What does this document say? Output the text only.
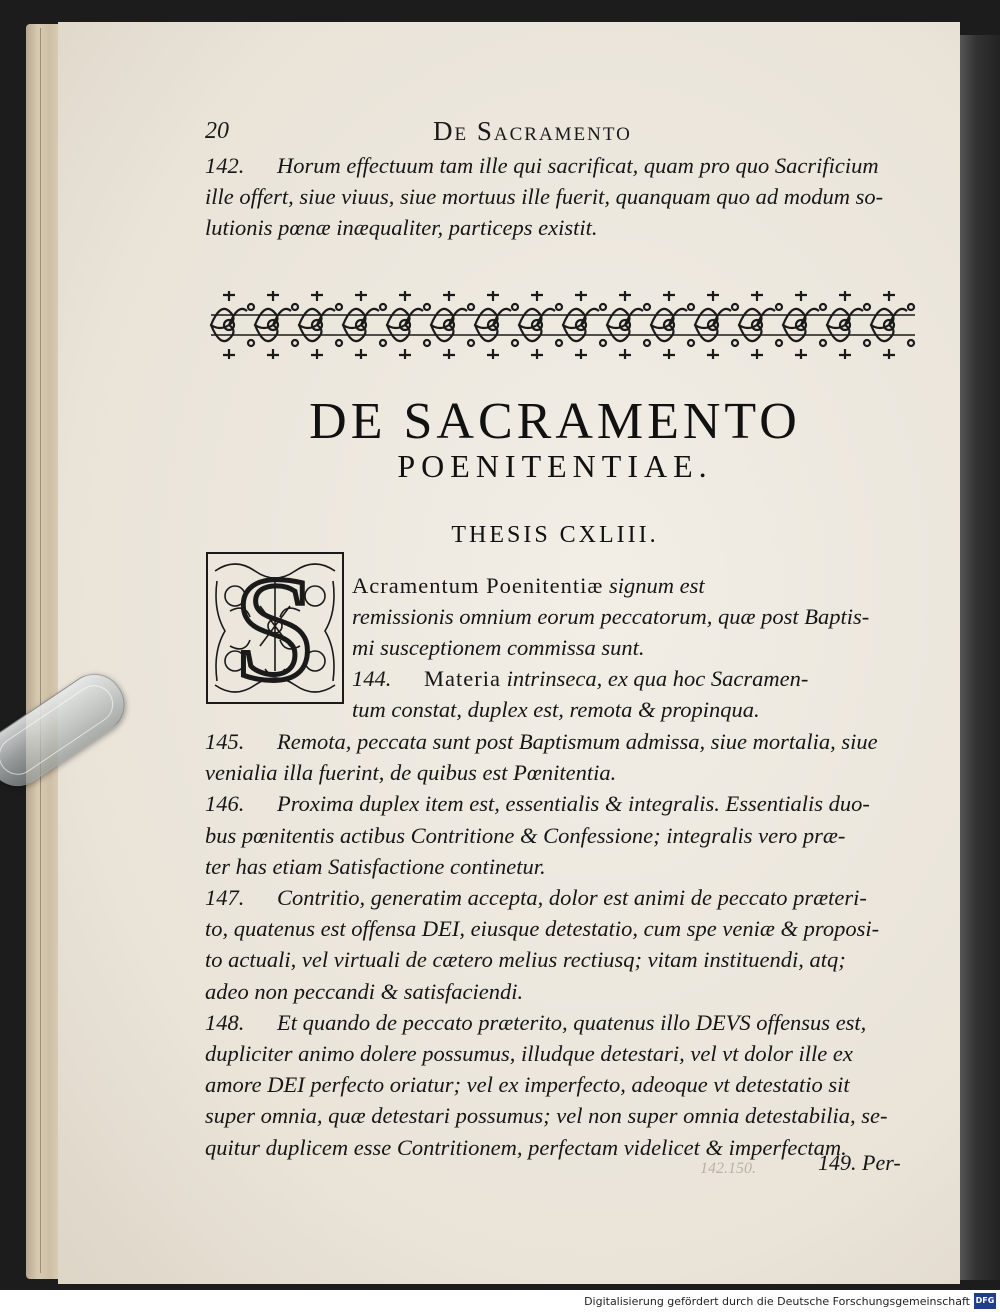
20	De Sacramento
142. Horum effectuum tam ille qui sacrificat, quam pro quo Sacrificium
ille offert, siue viuus, siue mortuus ille fuerit, quanquam quo ad modum so-
lutionis pœnæ inæqualiter, particeps existit.
DE SACRAMENTO
POENITENTIAE.
THESIS CXLIII.
S Acramentum Poenitentiæ signum est
remissionis omnium eorum peccatorum, quæ post Baptis-
mi susceptionem commissa sunt.
144. Materia intrinseca, ex qua hoc Sacramen-
tum constat, duplex est, remota & propinqua.
145. Remota, peccata sunt post Baptismum admissa, siue mortalia, siue
venialia illa fuerint, de quibus est Pœnitentia.
146. Proxima duplex item est, essentialis & integralis. Essentialis duo-
bus pœnitentis actibus Contritione & Confessione; integralis vero præ-
ter has etiam Satisfactione continetur.
147. Contritio, generatim accepta, dolor est animi de peccato præteri-
to, quatenus est offensa DEI, eiusque detestatio, cum spe veniæ & proposi-
to actuali, vel virtuali de cætero melius rectiusq; vitam instituendi, atq;
adeo non peccandi & satisfaciendi.
148. Et quando de peccato præterito, quatenus illo DEVS offensus est,
dupliciter animo dolere possumus, illudque detestari, vel vt dolor ille ex
amore DEI perfecto oriatur; vel ex imperfecto, adeoque vt detestatio sit
super omnia, quæ detestari possumus; vel non super omnia detestabilia, se-
quitur duplicem esse Contritionem, perfectam videlicet & imperfectam.
149. Per-
142.150.
Digitalisierung gefördert durch die Deutsche Forschungsgemeinschaft DFG
